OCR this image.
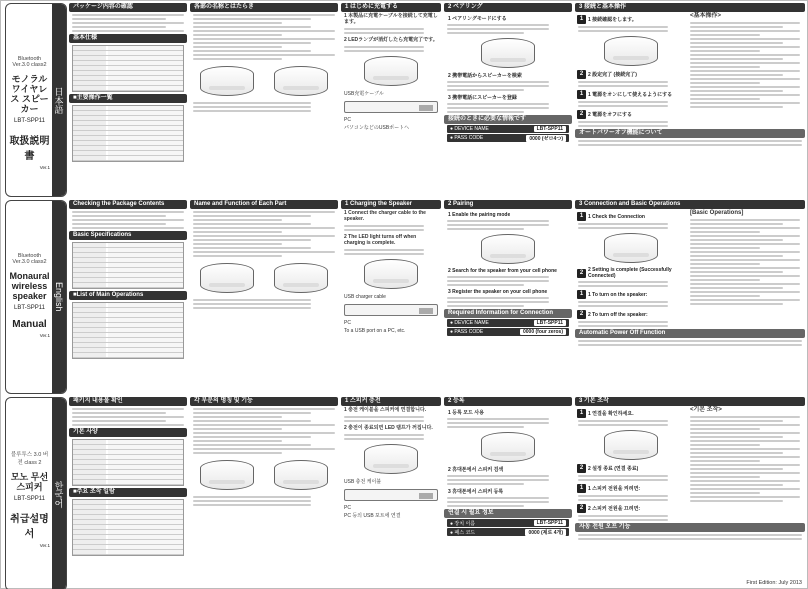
日本語
Bluetooth Ver.3.0 class2
モノラル ワイヤレス スピーカー
LBT-SPP11
取扱説明書
Ver.1
パッケージ内容の確認
基本仕様
■主要操作一覧
各部の名称とはたらき	1 はじめに充電する
1 本製品に充電ケーブルを接続して充電します。
2 LEDランプが消灯したら充電完了です。
USB充電ケーブル
PC
パソコンなどのUSBポートへ
2 ペアリング
1 ペアリングモードにする
2 携帯電話からスピーカーを検索
3 携帯電話にスピーカーを登録
接続のときに必要な情報です
● DEVICE NAME	LBT-SPP11
● PASS CODE	0000 (ゼロ4つ)
3 接続と基本操作
1 1 接続確認をします。
2 2 設定完了 (接続完了)
1 1 電源をオンにして使えるようにする
2 2 電源をオフにする
<基本操作>
オートパワーオフ機能について
English
Bluetooth Ver.3.0 class2
Monaural wireless speaker
LBT-SPP11
Manual
Ver.1
Checking the Package Contents
Basic Specifications
■List of Main Operations
Name and Function of Each Part	1 Charging the Speaker
1 Connect the charger cable to the speaker.
2 The LED light turns off when charging is complete.
USB charger cable
PC
To a USB port on a PC, etc.
2 Pairing
1 Enable the pairing mode
2 Search for the speaker from your cell phone
3 Register the speaker on your cell phone
Required Information for Connection
● DEVICE NAME	LBT-SPP11
● PASS CODE	0000 (four zeros)
3 Connection and Basic Operations
1 1 Check the Connection
2 2 Setting is complete (Successfully Connected)
1 1 To turn on the speaker:
2 2 To turn off the speaker:
[Basic Operations]
Automatic Power Off Function
한국어
블루투스 3.0 버전 class 2
모노 무선 스피커
LBT-SPP11
취급설명서
Ver.1
패키지 내용물 확인
기본 사양
■주요 조작 일람
각 부분의 명칭 및 기능	1 스피커 충전
1 충전 케이블을 스피커에 연결합니다.
2 충전이 종료되면 LED 램프가 꺼집니다.
USB 충전 케이블
PC
PC 등의 USB 포트에 연결
2 등록
1 등록 모드 사용
2 휴대폰에서 스피커 검색
3 휴대폰에서 스피커 등록
연결 시 필요 정보
● 장치 이름	LBT-SPP11
● 패스 코드	0000 (제로 4개)
3 기본 조작
1 1 연결을 확인하세요.
2 2 설정 종료 (연결 종료)
1 1 스피커 전원을 켜려면:
2 2 스피커 전원을 끄려면:
<기본 조작>
자동 전원 오프 기능
First Edition: July 2013
